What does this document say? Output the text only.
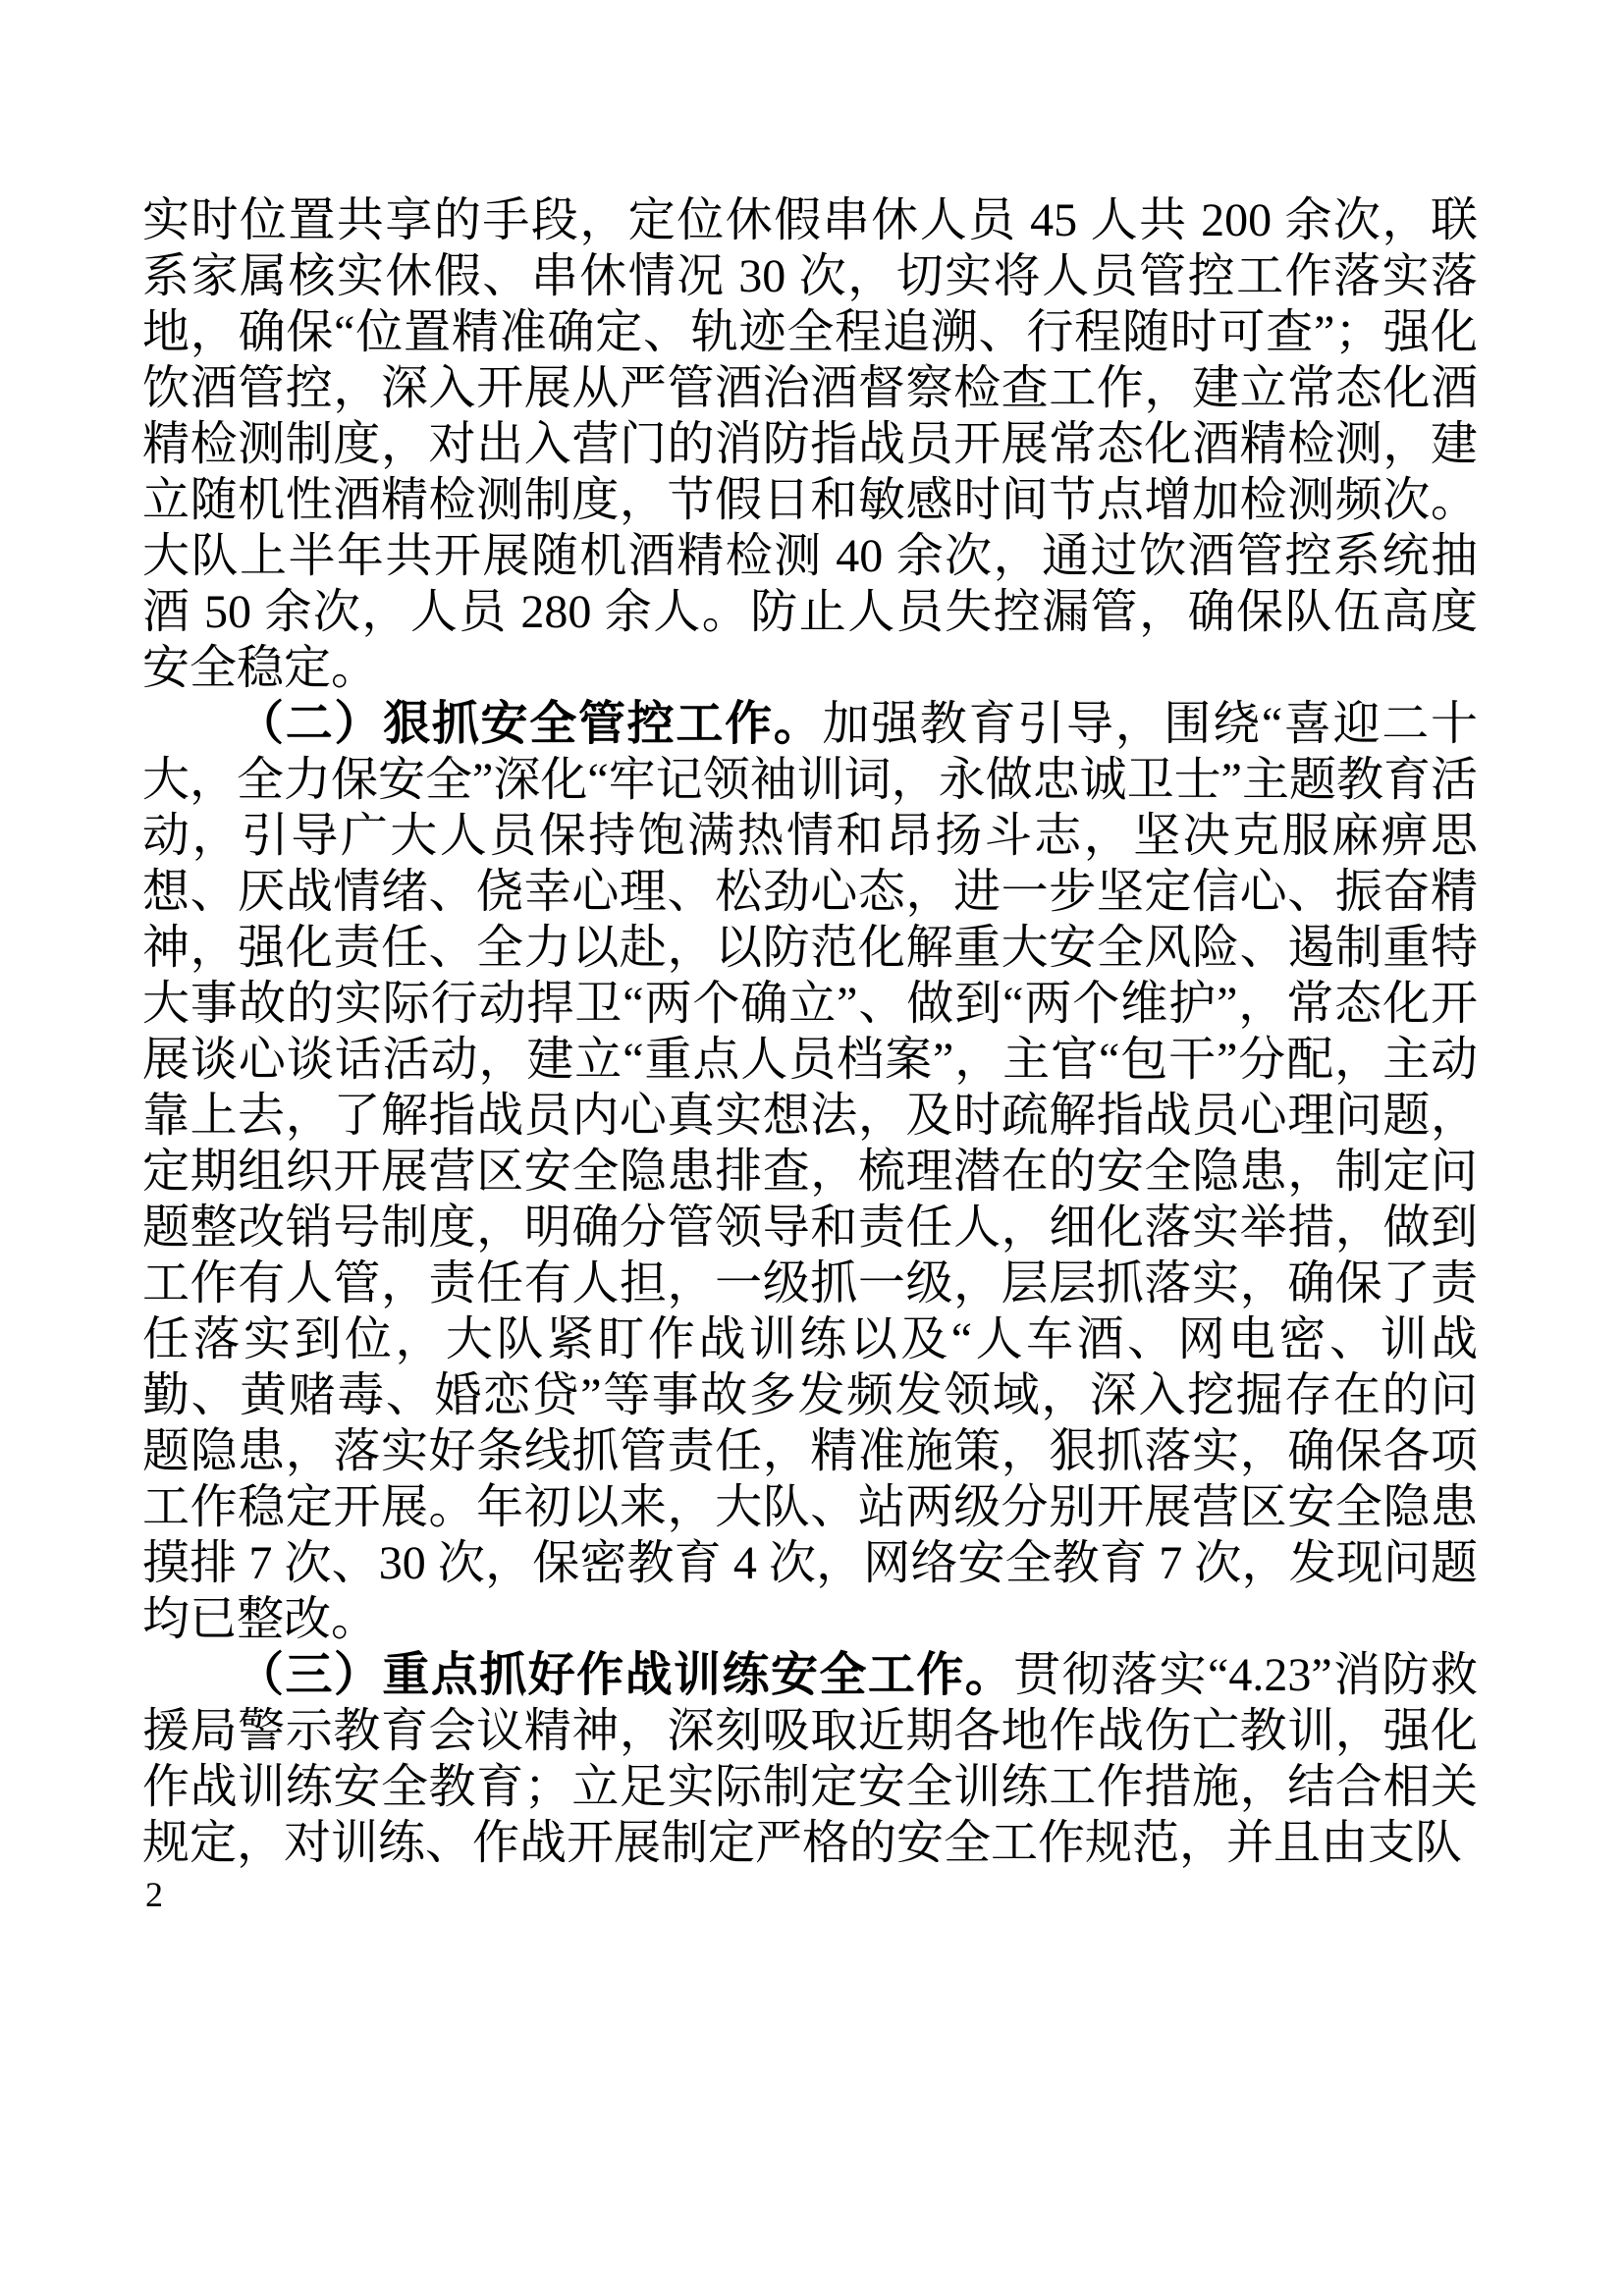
实时位置共享的手段，定位休假串休人员 45 人共 200 余次，联系家属核实休假、串休情况 30 次，切实将人员管控工作落实落地，确保“位置精准确定、轨迹全程追溯、行程随时可查”；强化饮酒管控，深入开展从严管酒治酒督察检查工作，建立常态化酒精检测制度，对出入营门的消防指战员开展常态化酒精检测，建立随机性酒精检测制度，节假日和敏感时间节点增加检测频次。大队上半年共开展随机酒精检测 40 余次，通过饮酒管控系统抽酒 50 余次，人员 280 余人。防止人员失控漏管，确保队伍高度安全稳定。

（二）狠抓安全管控工作。加强教育引导，围绕“喜迎二十大，全力保安全”深化“牢记领袖训词，永做忠诚卫士”主题教育活动，引导广大人员保持饱满热情和昂扬斗志，坚决克服麻痹思想、厌战情绪、侥幸心理、松劲心态，进一步坚定信心、振奋精神，强化责任、全力以赴，以防范化解重大安全风险、遏制重特大事故的实际行动捍卫“两个确立”、做到“两个维护”，常态化开展谈心谈话活动，建立“重点人员档案”，主官“包干”分配，主动靠上去，了解指战员内心真实想法，及时疏解指战员心理问题，定期组织开展营区安全隐患排查，梳理潜在的安全隐患，制定问题整改销号制度，明确分管领导和责任人，细化落实举措，做到工作有人管，责任有人担，一级抓一级，层层抓落实，确保了责任落实到位，大队紧盯作战训练以及“人车酒、网电密、训战勤、黄赌毒、婚恋贷”等事故多发频发领域，深入挖掘存在的问题隐患，落实好条线抓管责任，精准施策，狠抓落实，确保各项工作稳定开展。年初以来，大队、站两级分别开展营区安全隐患摸排 7 次、30 次，保密教育 4 次，网络安全教育 7 次，发现问题均已整改。

（三）重点抓好作战训练安全工作。贯彻落实“4.23”消防救援局警示教育会议精神，深刻吸取近期各地作战伤亡教训，强化作战训练安全教育；立足实际制定安全训练工作措施，结合相关规定，对训练、作战开展制定严格的安全工作规范，并且由支队

2
